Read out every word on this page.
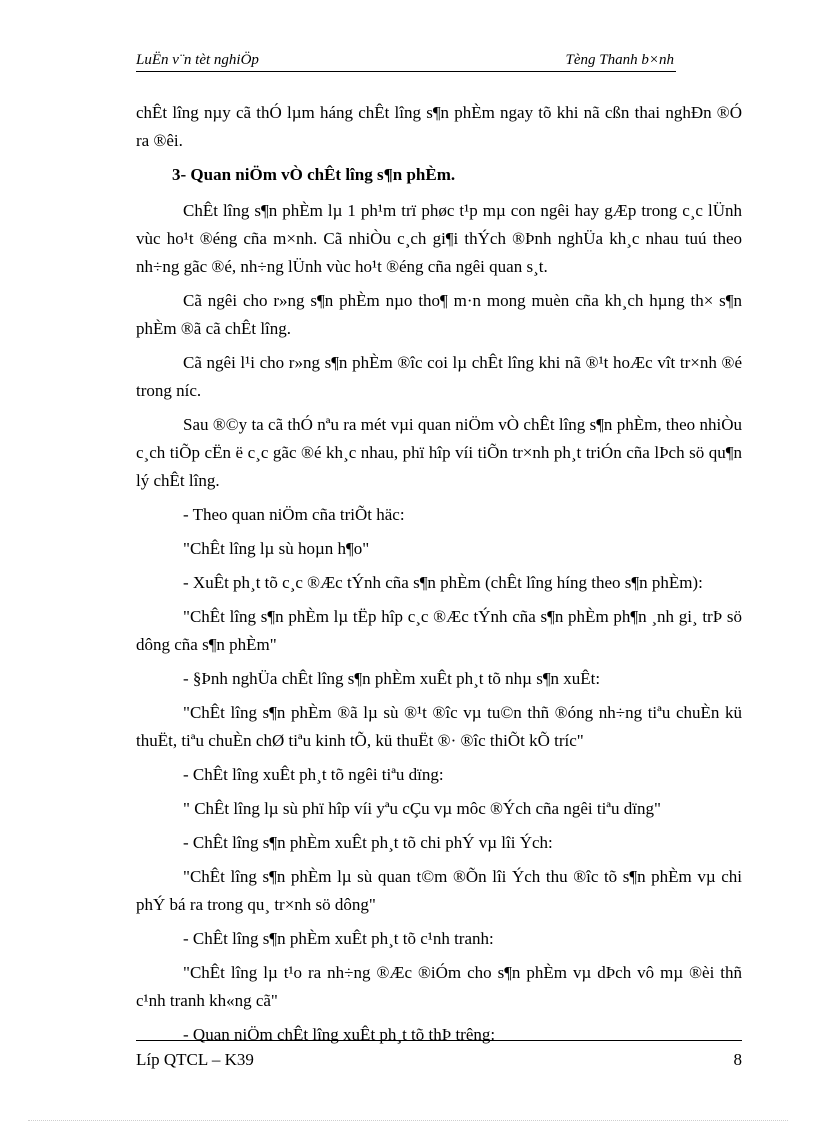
LuËn v¨n tèt nghiÖp	Tèng Thanh b×nh

chÊt lîng nµy cã thÓ lµm háng chÊt lîng s¶n phÈm ngay tõ khi nã cßn thai nghÐn ®Ó ra ®êi.

3- Quan niÖm vÒ chÊt lîng s¶n phÈm.

ChÊt lîng s¶n phÈm lµ 1 ph¹m trï phøc t¹p mµ con ngêi hay gÆp trong c¸c lÜnh vùc ho¹t ®éng cña m×nh. Cã nhiÒu c¸ch gi¶i thÝch ®Þnh nghÜa kh¸c nhau tuú theo nh÷ng gãc ®é, nh÷ng lÜnh vùc ho¹t ®éng cña ngêi quan s¸t.

Cã ngêi cho r»ng s¶n phÈm nµo tho¶ m·n mong muèn cña kh¸ch hµng th× s¶n phÈm ®ã cã chÊt lîng.

Cã ngêi l¹i cho r»ng s¶n phÈm ®îc coi lµ chÊt lîng khi nã ®¹t hoÆc vît tr×nh ®é trong níc.

Sau ®©y ta cã thÓ nªu ra mét vµi quan niÖm vÒ chÊt lîng s¶n phÈm, theo nhiÒu c¸ch tiÕp cËn ë c¸c gãc ®é kh¸c nhau, phï hîp víi tiÕn tr×nh ph¸t triÓn cña lÞch sö qu¶n lý chÊt lîng.

- Theo quan niÖm cña triÕt häc:

"ChÊt lîng lµ sù hoµn h¶o"

- XuÊt ph¸t tõ c¸c ®Æc tÝnh cña s¶n phÈm (chÊt lîng híng theo s¶n phÈm):

"ChÊt lîng s¶n phÈm lµ tËp hîp c¸c ®Æc tÝnh cña s¶n phÈm ph¶n ¸nh gi¸ trÞ sö dông cña s¶n phÈm"

- §Þnh nghÜa chÊt lîng s¶n phÈm xuÊt ph¸t tõ nhµ s¶n xuÊt:

"ChÊt lîng s¶n phÈm ®ã lµ sù ®¹t ®îc vµ tu©n thñ ®óng nh÷ng tiªu chuÈn kü thuËt, tiªu chuÈn chØ tiªu kinh tÕ, kü thuËt ®· ®îc thiÕt kÕ tríc"

- ChÊt lîng xuÊt ph¸t tõ ngêi tiªu dïng:

" ChÊt lîng lµ sù phï hîp víi yªu cÇu vµ môc ®Ých cña ngêi tiªu dïng"

- ChÊt lîng s¶n phÈm xuÊt ph¸t tõ chi phÝ vµ lîi Ých:

"ChÊt lîng s¶n phÈm lµ sù quan t©m ®Õn lîi Ých thu ®îc tõ s¶n phÈm vµ chi phÝ bá ra trong qu¸ tr×nh sö dông"

- ChÊt lîng s¶n phÈm xuÊt ph¸t tõ c¹nh tranh:

"ChÊt lîng lµ t¹o ra nh÷ng ®Æc ®iÓm cho s¶n phÈm vµ dÞch vô mµ ®èi thñ c¹nh tranh kh«ng cã"

- Quan niÖm chÊt lîng xuÊt ph¸t tõ thÞ trêng:

Líp QTCL – K39	8
